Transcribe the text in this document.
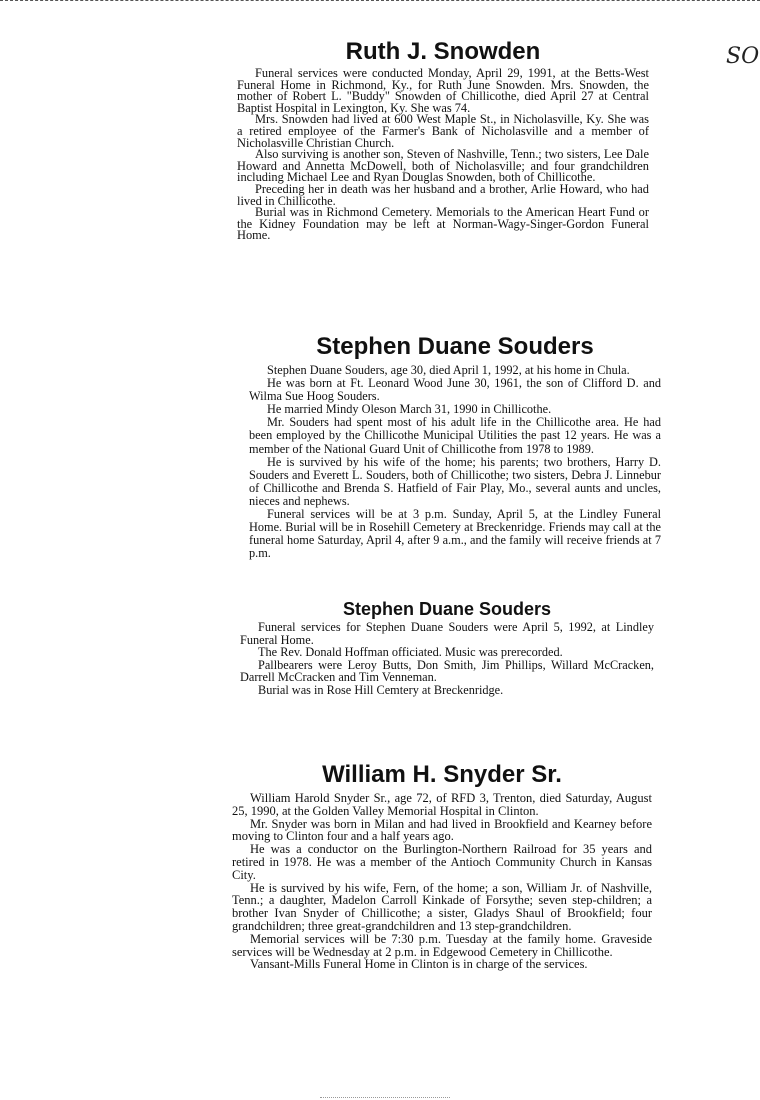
SO
Ruth J. Snowden

Funeral services were conducted Monday, April 29, 1991, at the Betts-West Funeral Home in Richmond, Ky., for Ruth June Snowden. Mrs. Snowden, the mother of Robert L. "Buddy" Snowden of Chillicothe, died April 27 at Central Baptist Hospital in Lexington, Ky. She was 74.

Mrs. Snowden had lived at 600 West Maple St., in Nicholasville, Ky. She was a retired employee of the Farmer's Bank of Nicholasville and a member of Nicholasville Christian Church.

Also surviving is another son, Steven of Nashville, Tenn.; two sisters, Lee Dale Howard and Annetta McDowell, both of Nicholasville; and four grandchildren including Michael Lee and Ryan Douglas Snowden, both of Chillicothe.

Preceding her in death was her husband and a brother, Arlie Howard, who had lived in Chillicothe.

Burial was in Richmond Cemetery. Memorials to the American Heart Fund or the Kidney Foundation may be left at Norman-Wagy-Singer-Gordon Funeral Home.

Stephen Duane Souders

Stephen Duane Souders, age 30, died April 1, 1992, at his home in Chula.

He was born at Ft. Leonard Wood June 30, 1961, the son of Clifford D. and Wilma Sue Hoog Souders.

He married Mindy Oleson March 31, 1990 in Chillicothe.

Mr. Souders had spent most of his adult life in the Chillicothe area. He had been employed by the Chillicothe Municipal Utilities the past 12 years. He was a member of the National Guard Unit of Chillicothe from 1978 to 1989.

He is survived by his wife of the home; his parents; two brothers, Harry D. Souders and Everett L. Souders, both of Chillicothe; two sisters, Debra J. Linnebur of Chillicothe and Brenda S. Hatfield of Fair Play, Mo., several aunts and uncles, nieces and nephews.

Funeral services will be at 3 p.m. Sunday, April 5, at the Lindley Funeral Home. Burial will be in Rosehill Cemetery at Breckenridge. Friends may call at the funeral home Saturday, April 4, after 9 a.m., and the family will receive friends at 7 p.m.

Stephen Duane Souders

Funeral services for Stephen Duane Souders were April 5, 1992, at Lindley Funeral Home.

The Rev. Donald Hoffman officiated. Music was prerecorded.

Pallbearers were Leroy Butts, Don Smith, Jim Phillips, Willard McCracken, Darrell McCracken and Tim Venneman.

Burial was in Rose Hill Cemtery at Breckenridge.

William H. Snyder Sr.

William Harold Snyder Sr., age 72, of RFD 3, Trenton, died Saturday, August 25, 1990, at the Golden Valley Memorial Hospital in Clinton.

Mr. Snyder was born in Milan and had lived in Brookfield and Kearney before moving to Clinton four and a half years ago.

He was a conductor on the Burlington-Northern Railroad for 35 years and retired in 1978. He was a member of the Antioch Community Church in Kansas City.

He is survived by his wife, Fern, of the home; a son, William Jr. of Nashville, Tenn.; a daughter, Madelon Carroll Kinkade of Forsythe; seven step-children; a brother Ivan Snyder of Chillicothe; a sister, Gladys Shaul of Brookfield; four grandchildren; three great-grandchildren and 13 step-grandchildren.

Memorial services will be 7:30 p.m. Tuesday at the family home. Graveside services will be Wednesday at 2 p.m. in Edgewood Cemetery in Chillicothe.

Vansant-Mills Funeral Home in Clinton is in charge of the services.
